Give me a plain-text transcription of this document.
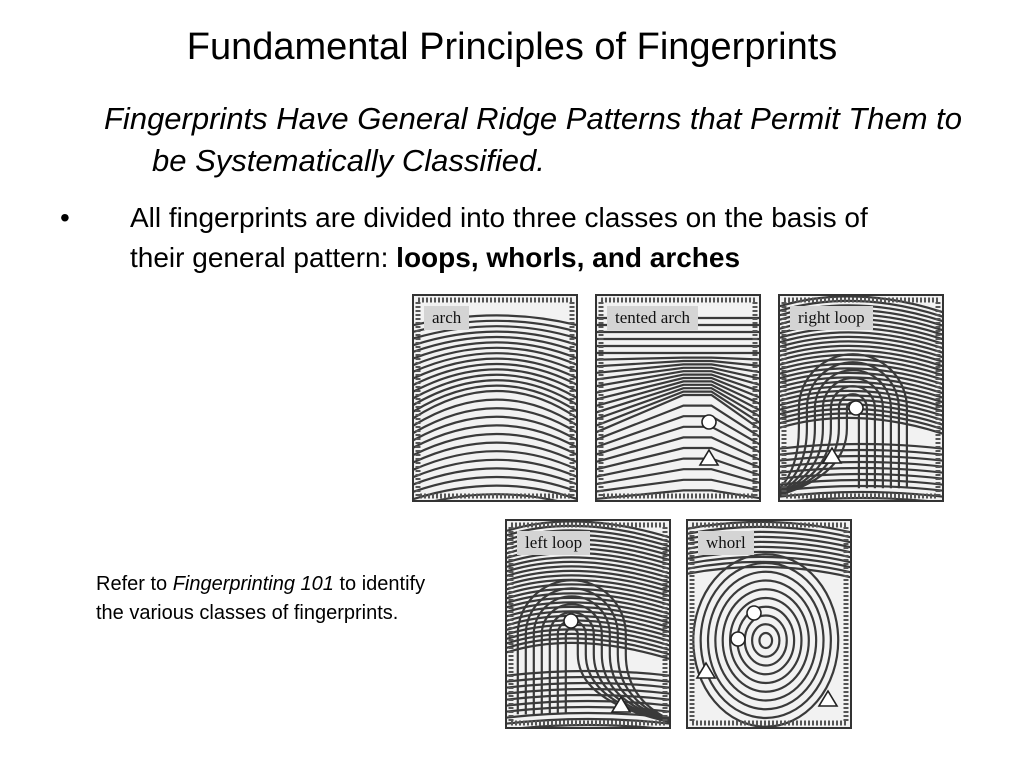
Fundamental Principles of Fingerprints
Fingerprints Have General Ridge Patterns that Permit Them to be Systematically Classified.
• All fingerprints are divided into three classes on the basis of their general pattern: loops, whorls, and arches
arch	tented arch	right loop
left loop	whorl
Refer to Fingerprinting 101 to identify the various classes of fingerprints.
